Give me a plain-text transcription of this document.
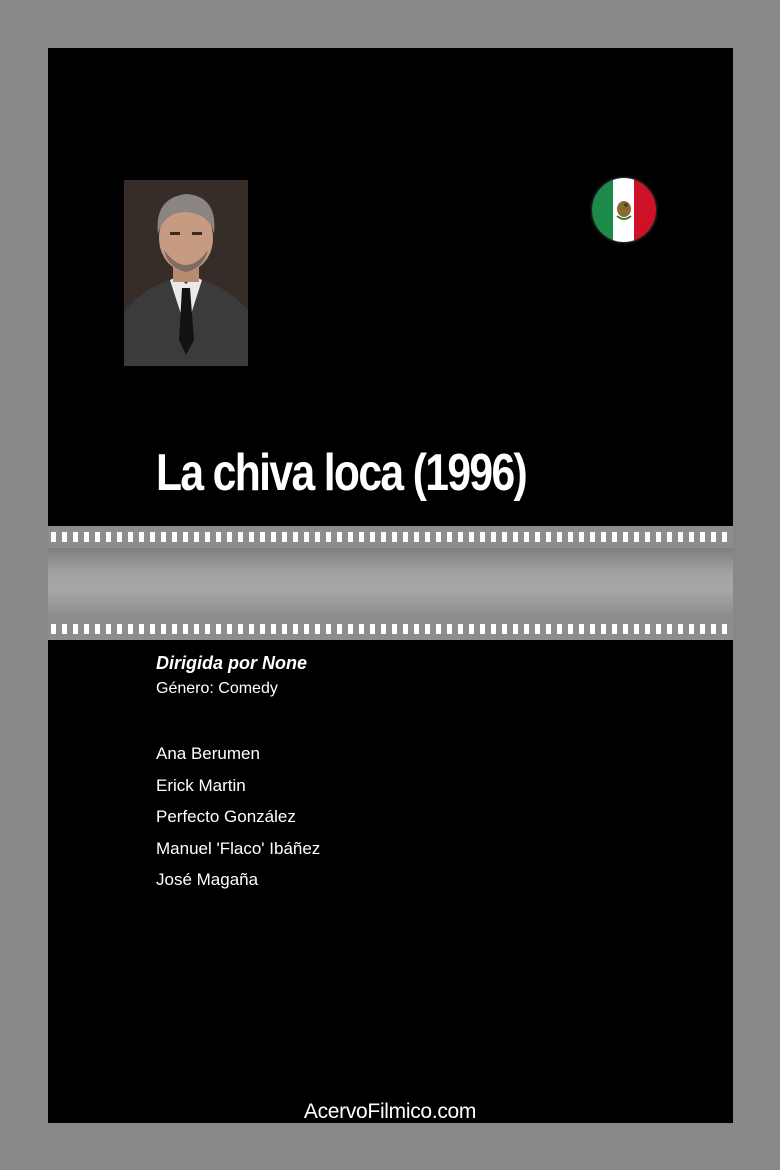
La chiva loca (1996)

Dirigida por None

Género: Comedy

Ana Berumen
Erick Martin
Perfecto González
Manuel 'Flaco' Ibáñez
José Magaña
AcervoFilmico.com
